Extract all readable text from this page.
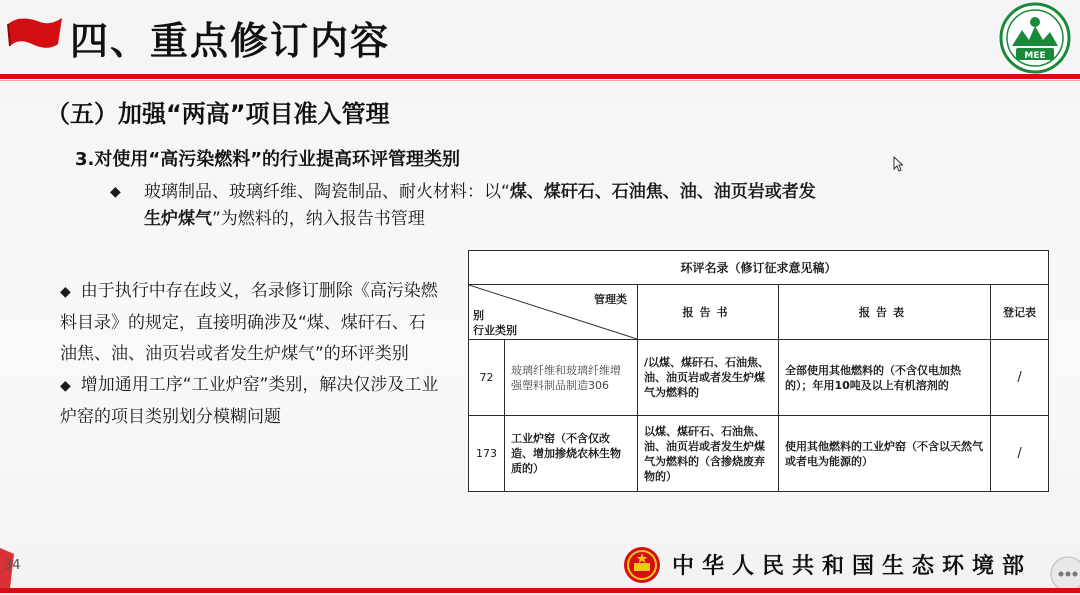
四、重点修订内容	MEE
（五）加强“两高”项目准入管理
3.对使用“高污染燃料”的行业提高环评管理类别
◆ 玻璃制品、玻璃纤维、陶瓷制品、耐火材料：以“煤、煤矸石、石油焦、油、油页岩或者发
生炉煤气”为燃料的，纳入报告书管理
◆ 由于执行中存在歧义，名录修订删除《高污染燃料目录》的规定，直接明确涉及“煤、煤矸石、石油焦、油、油页岩或者发生炉煤气”的环评类别
◆ 增加通用工序“工业炉窑”类别，解决仅涉及工业炉窑的项目类别划分模糊问题
环评名录（修订征求意见稿）				

管理类
别
行业类别		报告书	报告表	登记表
72	玻璃纤维和玻璃纤维增强塑料制品制造306	/以煤、煤矸石、石油焦、油、油页岩或者发生炉煤气为燃料的	全部使用其他燃料的（不含仅电加热的）；年用10吨及以上有机溶剂的	/
173	工业炉窑（不含仅改造、增加掺烧农林生物质的）	以煤、煤矸石、石油焦、油、油页岩或者发生炉煤气为燃料的（含掺烧废弃物的）	使用其他燃料的工业炉窑（不含以天然气或者电为能源的）	/
34	中华人民共和国生态环境部
